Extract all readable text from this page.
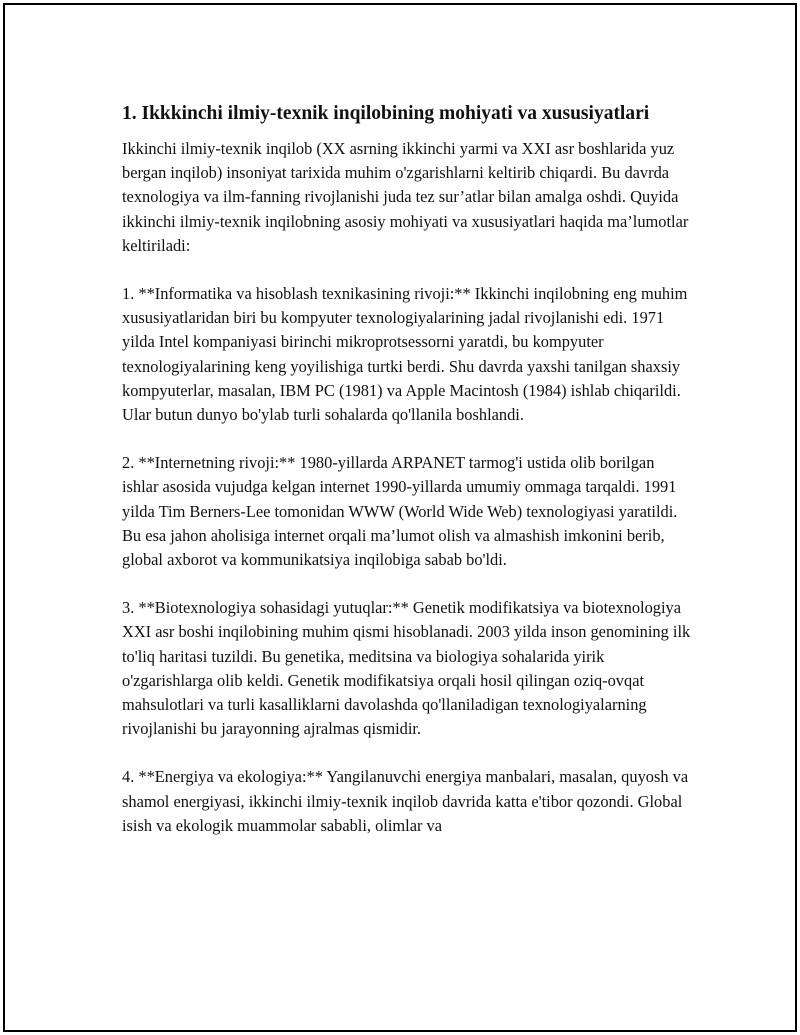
1. Ikkkinchi ilmiy-texnik inqilobining mohiyati va xususiyatlari

Ikkinchi ilmiy-texnik inqilob (XX asrning ikkinchi yarmi va XXI asr boshlarida yuz bergan inqilob) insoniyat tarixida muhim o'zgarishlarni keltirib chiqardi. Bu davrda texnologiya va ilm-fanning rivojlanishi juda tez sur’atlar bilan amalga oshdi. Quyida ikkinchi ilmiy-texnik inqilobning asosiy mohiyati va xususiyatlari haqida ma’lumotlar keltiriladi:

1. **Informatika va hisoblash texnikasining rivoji:** Ikkinchi inqilobning eng muhim xususiyatlaridan biri bu kompyuter texnologiyalarining jadal rivojlanishi edi. 1971 yilda Intel kompaniyasi birinchi mikroprotsessorni yaratdi, bu kompyuter texnologiyalarining keng yoyilishiga turtki berdi. Shu davrda yaxshi tanilgan shaxsiy kompyuterlar, masalan, IBM PC (1981) va Apple Macintosh (1984) ishlab chiqarildi. Ular butun dunyo bo'ylab turli sohalarda qo'llanila boshlandi.

2. **Internetning rivoji:** 1980-yillarda ARPANET tarmog'i ustida olib borilgan ishlar asosida vujudga kelgan internet 1990-yillarda umumiy ommaga tarqaldi. 1991 yilda Tim Berners-Lee tomonidan WWW (World Wide Web) texnologiyasi yaratildi. Bu esa jahon aholisiga internet orqali ma’lumot olish va almashish imkonini berib, global axborot va kommunikatsiya inqilobiga sabab bo'ldi.

3. **Biotexnologiya sohasidagi yutuqlar:** Genetik modifikatsiya va biotexnologiya XXI asr boshi inqilobining muhim qismi hisoblanadi. 2003 yilda inson genomining ilk to'liq haritasi tuzildi. Bu genetika, meditsina va biologiya sohalarida yirik o'zgarishlarga olib keldi. Genetik modifikatsiya orqali hosil qilingan oziq-ovqat mahsulotlari va turli kasalliklarni davolashda qo'llaniladigan texnologiyalarning rivojlanishi bu jarayonning ajralmas qismidir.

4. **Energiya va ekologiya:** Yangilanuvchi energiya manbalari, masalan, quyosh va shamol energiyasi, ikkinchi ilmiy-texnik inqilob davrida katta e'tibor qozondi. Global isish va ekologik muammolar sababli, olimlar va
